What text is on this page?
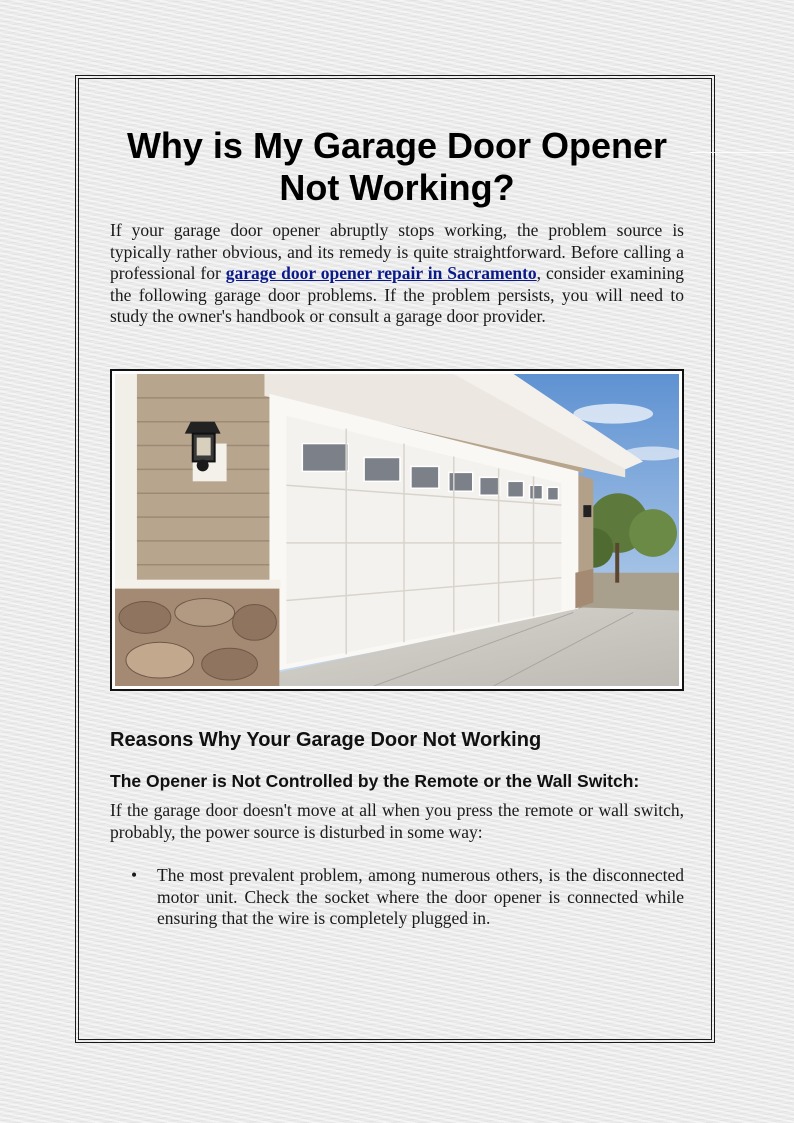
Why is My Garage Door Opener Not Working?

If your garage door opener abruptly stops working, the problem source is typically rather obvious, and its remedy is quite straightforward. Before calling a professional for garage door opener repair in Sacramento, consider examining the following garage door problems. If the problem persists, you will need to study the owner's handbook or consult a garage door provider.

Reasons Why Your Garage Door Not Working
The Opener is Not Controlled by the Remote or the Wall Switch:

If the garage door doesn't move at all when you press the remote or wall switch, probably, the power source is disturbed in some way:

• The most prevalent problem, among numerous others, is the disconnected motor unit. Check the socket where the door opener is connected while ensuring that the wire is completely plugged in.
